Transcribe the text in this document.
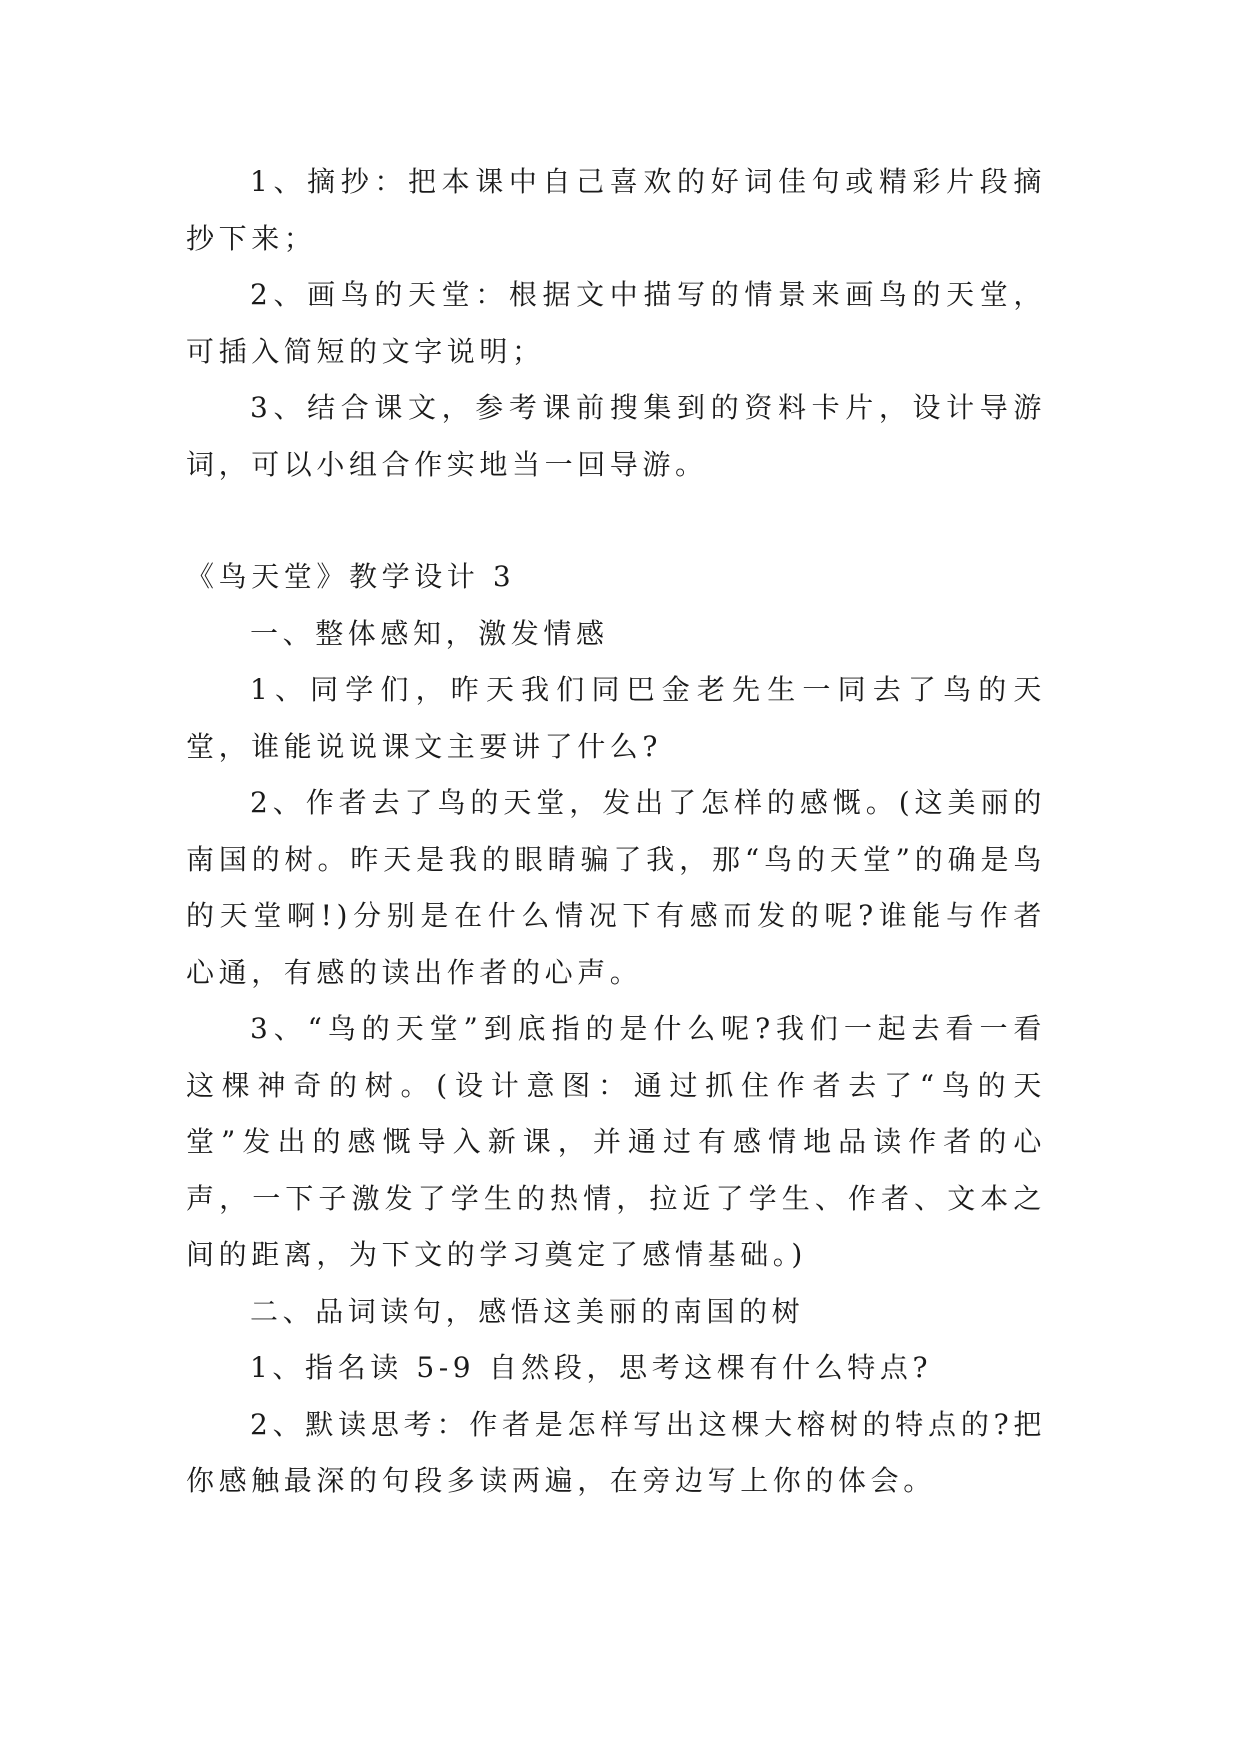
1、摘抄：把本课中自己喜欢的好词佳句或精彩片段摘抄下来；

2、画鸟的天堂：根据文中描写的情景来画鸟的天堂，可插入简短的文字说明；

3、结合课文，参考课前搜集到的资料卡片，设计导游词，可以小组合作实地当一回导游。

《鸟天堂》教学设计 3

一、整体感知，激发情感

1、同学们，昨天我们同巴金老先生一同去了鸟的天堂，谁能说说课文主要讲了什么?

2、作者去了鸟的天堂，发出了怎样的感慨。(这美丽的南国的树。昨天是我的眼睛骗了我，那“鸟的天堂”的确是鸟的天堂啊!)分别是在什么情况下有感而发的呢?谁能与作者心通，有感的读出作者的心声。

3、“鸟的天堂”到底指的是什么呢?我们一起去看一看这棵神奇的树。(设计意图：通过抓住作者去了“鸟的天堂”发出的感慨导入新课，并通过有感情地品读作者的心声，一下子激发了学生的热情，拉近了学生、作者、文本之间的距离，为下文的学习奠定了感情基础。)

二、品词读句，感悟这美丽的南国的树

1、指名读 5-9 自然段，思考这棵有什么特点?

2、默读思考：作者是怎样写出这棵大榕树的特点的?把你感触最深的句段多读两遍，在旁边写上你的体会。
